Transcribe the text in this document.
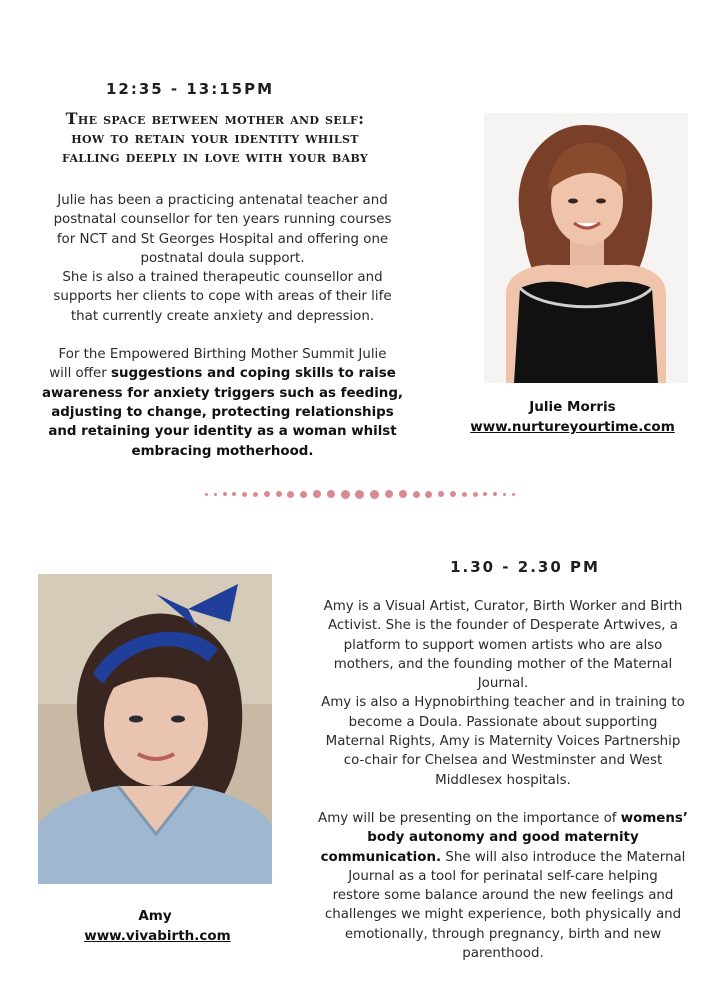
12:35 - 13:15PM
The space between mother and self:
how to retain your identity whilst
falling deeply in love with your baby

Julie has been a practicing antenatal teacher and

postnatal counsellor for ten years running courses

for NCT and St Georges Hospital and offering one

postnatal doula support.

She is also a trained therapeutic counsellor and

supports her clients to cope with areas of their life

that currently create anxiety and depression.

For the Empowered Birthing Mother Summit Julie

will offer suggestions and coping skills to raise

awareness for anxiety triggers such as feeding,

adjusting to change, protecting relationships

and retaining your identity as a woman whilst

embracing motherhood.

Julie Morris
www.nurtureyourtime.com
1.30 - 2.30 PM

Amy is a Visual Artist, Curator, Birth Worker and Birth

Activist. She is the founder of Desperate Artwives, a

platform to support women artists who are also

mothers, and the founding mother of the Maternal

Journal.

Amy is also a Hypnobirthing teacher and in training to

become a Doula. Passionate about supporting

Maternal Rights, Amy is Maternity Voices Partnership

co-chair for Chelsea and Westminster and West

Middlesex hospitals.

Amy will be presenting on the importance of womens’

body autonomy and good maternity

communication. She will also introduce the Maternal

Journal as a tool for perinatal self-care helping

restore some balance around the new feelings and

challenges we might experience, both physically and

emotionally, through pregnancy, birth and new

parenthood.

Amy
www.vivabirth.com
